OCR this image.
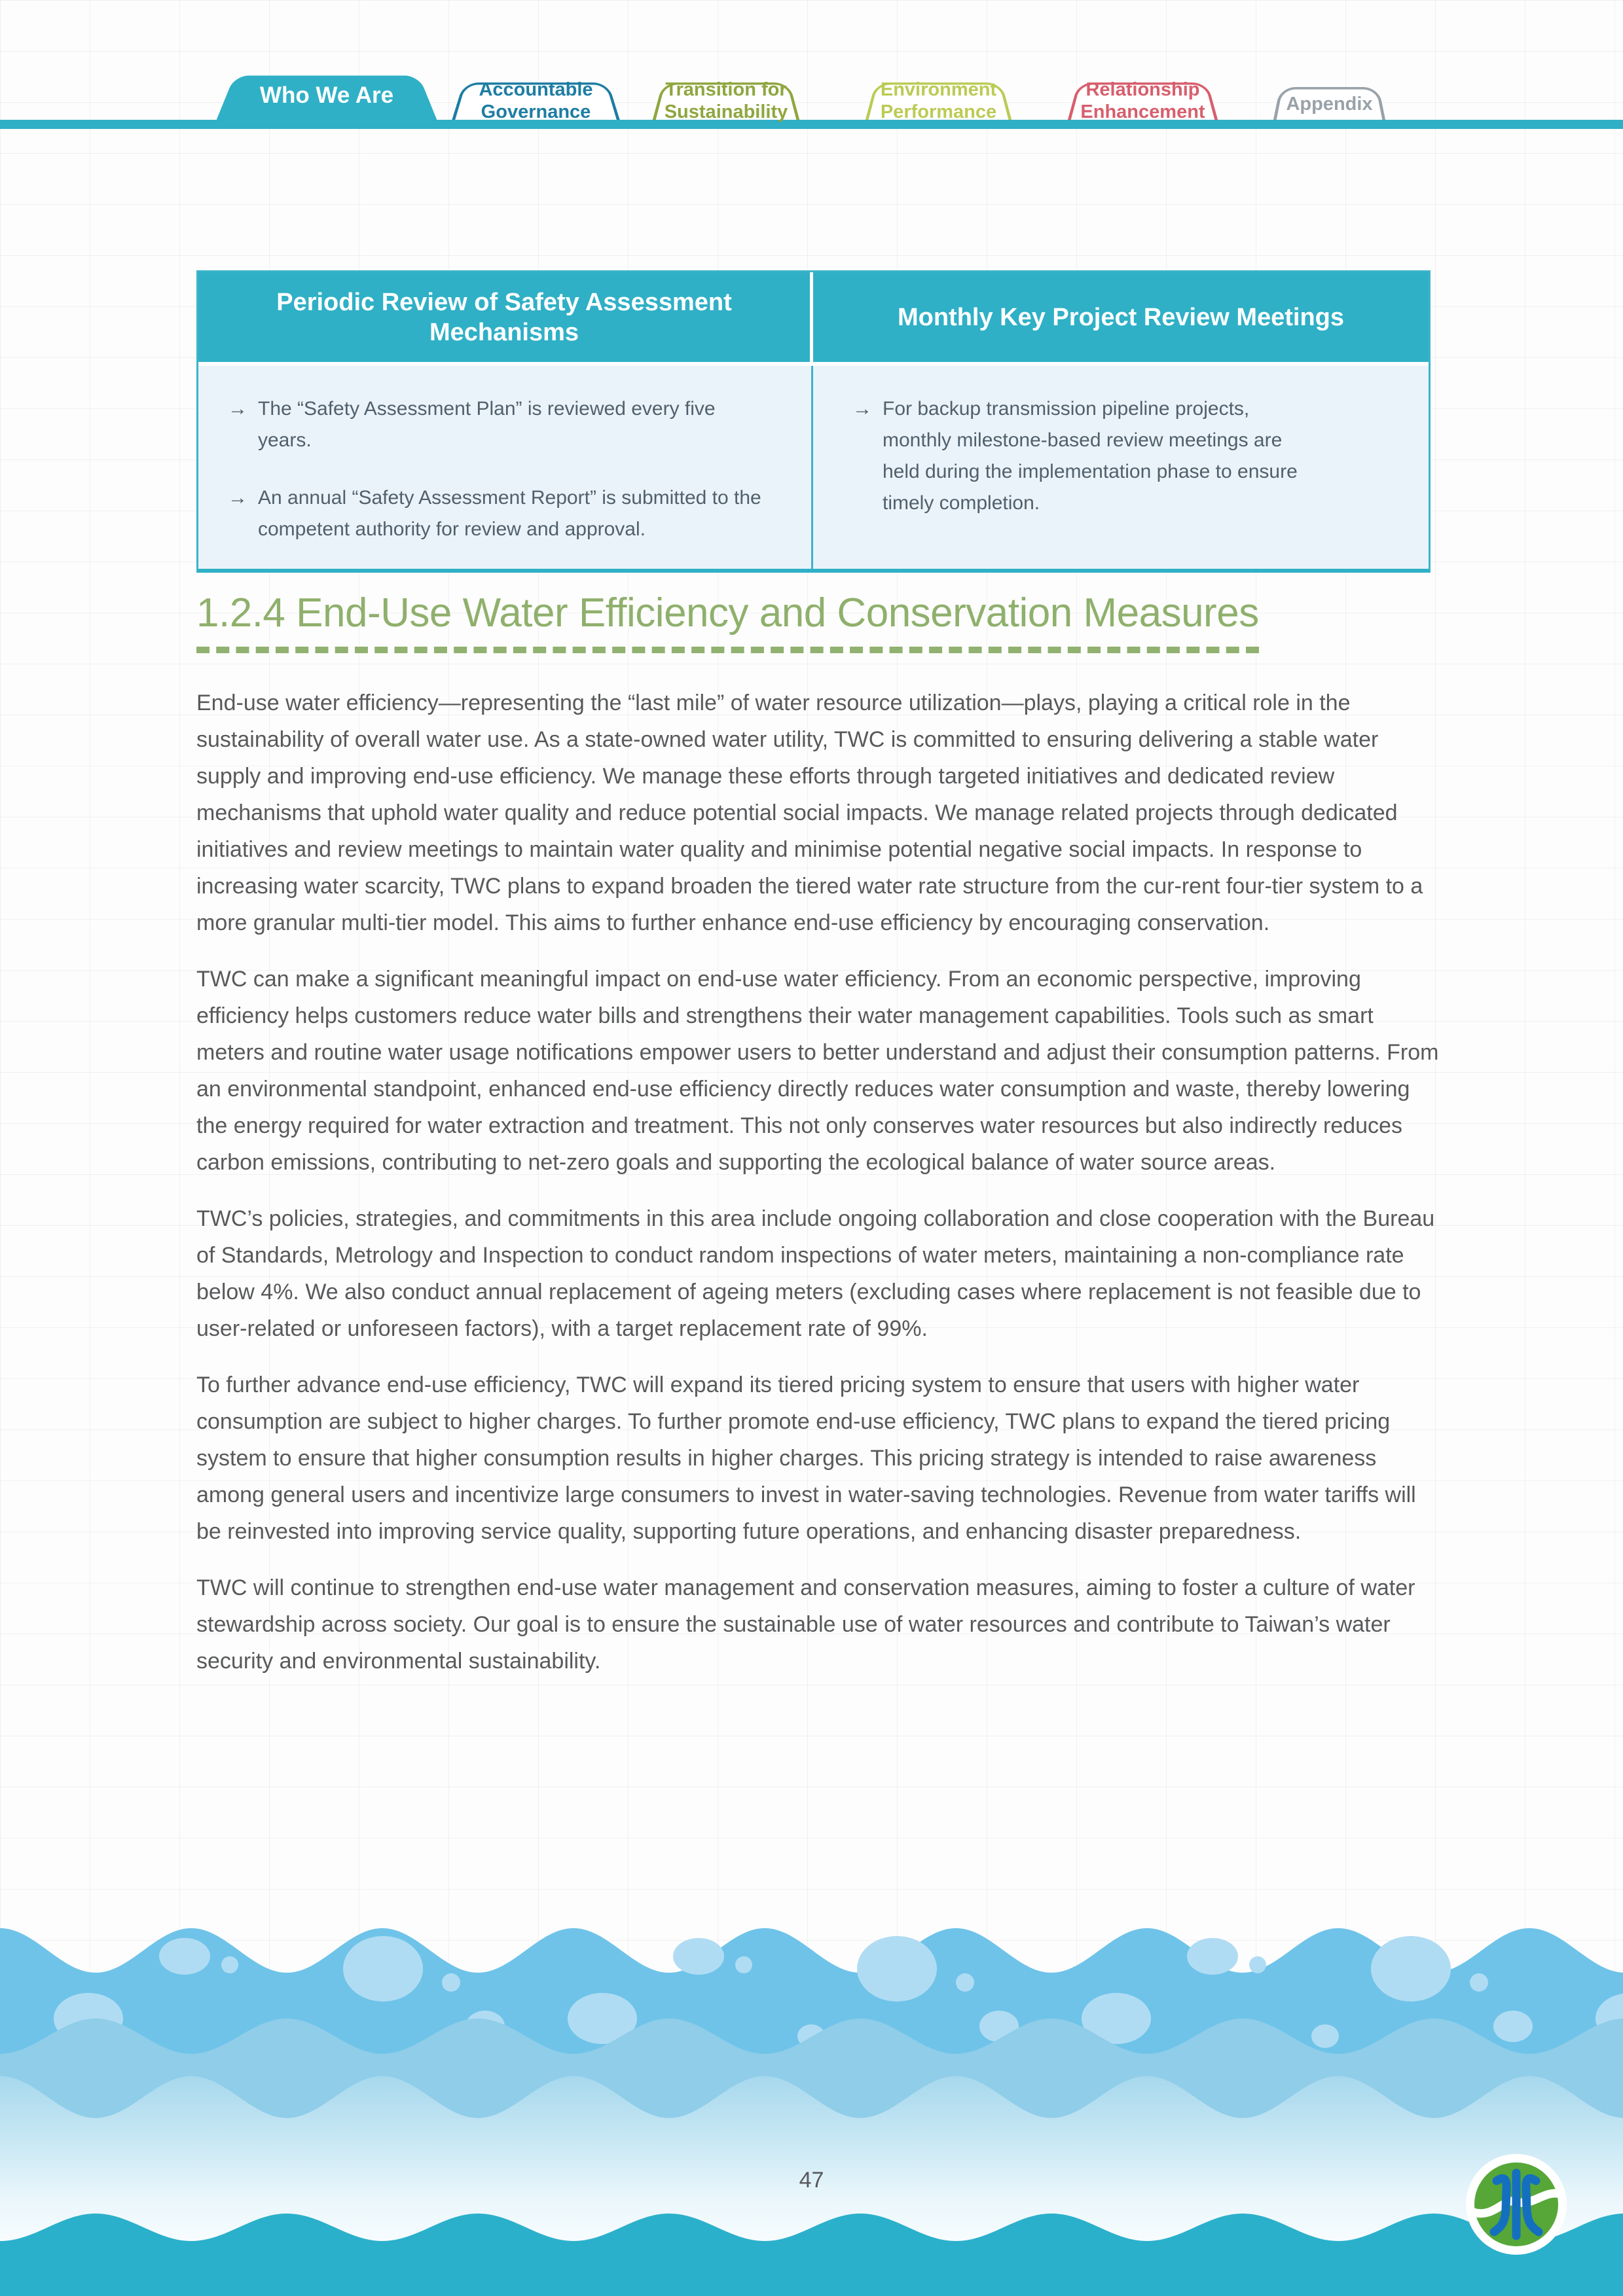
Who We Are	Accountable
Governance
Transition for
Sustainability
Environment
Performance
Relationship
Enhancement	Appendix
Periodic Review of Safety Assessment Mechanisms
Monthly Key Project Review Meetings
→ The “Safety Assessment Plan” is reviewed every five years.
→ An annual “Safety Assessment Report” is submitted to the competent authority for review and approval.
→ For backup transmission pipeline projects, monthly milestone-based review meetings are held during the implementation phase to ensure timely completion.
1.2.4 End-Use Water Efficiency and Conservation Measures

End-use water efficiency—representing the “last mile” of water resource utilization—plays, playing a critical role in the sustainability of overall water use. As a state-owned water utility, TWC is committed to ensuring delivering a stable water supply and improving end-use efficiency. We manage these efforts through targeted initiatives and dedicated review mechanisms that uphold water quality and reduce potential social impacts. We manage related projects through dedicated initiatives and review meetings to maintain water quality and minimise potential negative social impacts. In response to increasing water scarcity, TWC plans to expand broaden the tiered water rate structure from the cur-rent four-tier system to a more granular multi-tier model. This aims to further enhance end-use efficiency by encouraging conservation.

TWC can make a significant meaningful impact on end-use water efficiency. From an economic perspective, improving efficiency helps customers reduce water bills and strengthens their water management capabilities. Tools such as smart meters and routine water usage notifications empower users to better understand and adjust their consumption patterns. From an environmental standpoint, enhanced end-use efficiency directly reduces water consumption and waste, thereby lowering the energy required for water extraction and treatment. This not only conserves water resources but also indirectly reduces carbon emissions, contributing to net-zero goals and supporting the ecological balance of water source areas.

TWC’s policies, strategies, and commitments in this area include ongoing collaboration and close cooperation with the Bureau of Standards, Metrology and Inspection to conduct random inspections of water meters, maintaining a non-compliance rate below 4%. We also conduct annual replacement of ageing meters (excluding cases where replacement is not feasible due to user-related or unforeseen factors), with a target replacement rate of 99%.

To further advance end-use efficiency, TWC will expand its tiered pricing system to ensure that users with higher water consumption are subject to higher charges. To further promote end-use efficiency, TWC plans to expand the tiered pricing system to ensure that higher consumption results in higher charges. This pricing strategy is intended to raise awareness among general users and incentivize large consumers to invest in water-saving technologies. Revenue from water tariffs will be reinvested into improving service quality, supporting future operations, and enhancing disaster preparedness.

TWC will continue to strengthen end-use water management and conservation measures, aiming to foster a culture of water stewardship across society. Our goal is to ensure the sustainable use of water resources and contribute to Taiwan’s water security and environmental sustainability.

47
